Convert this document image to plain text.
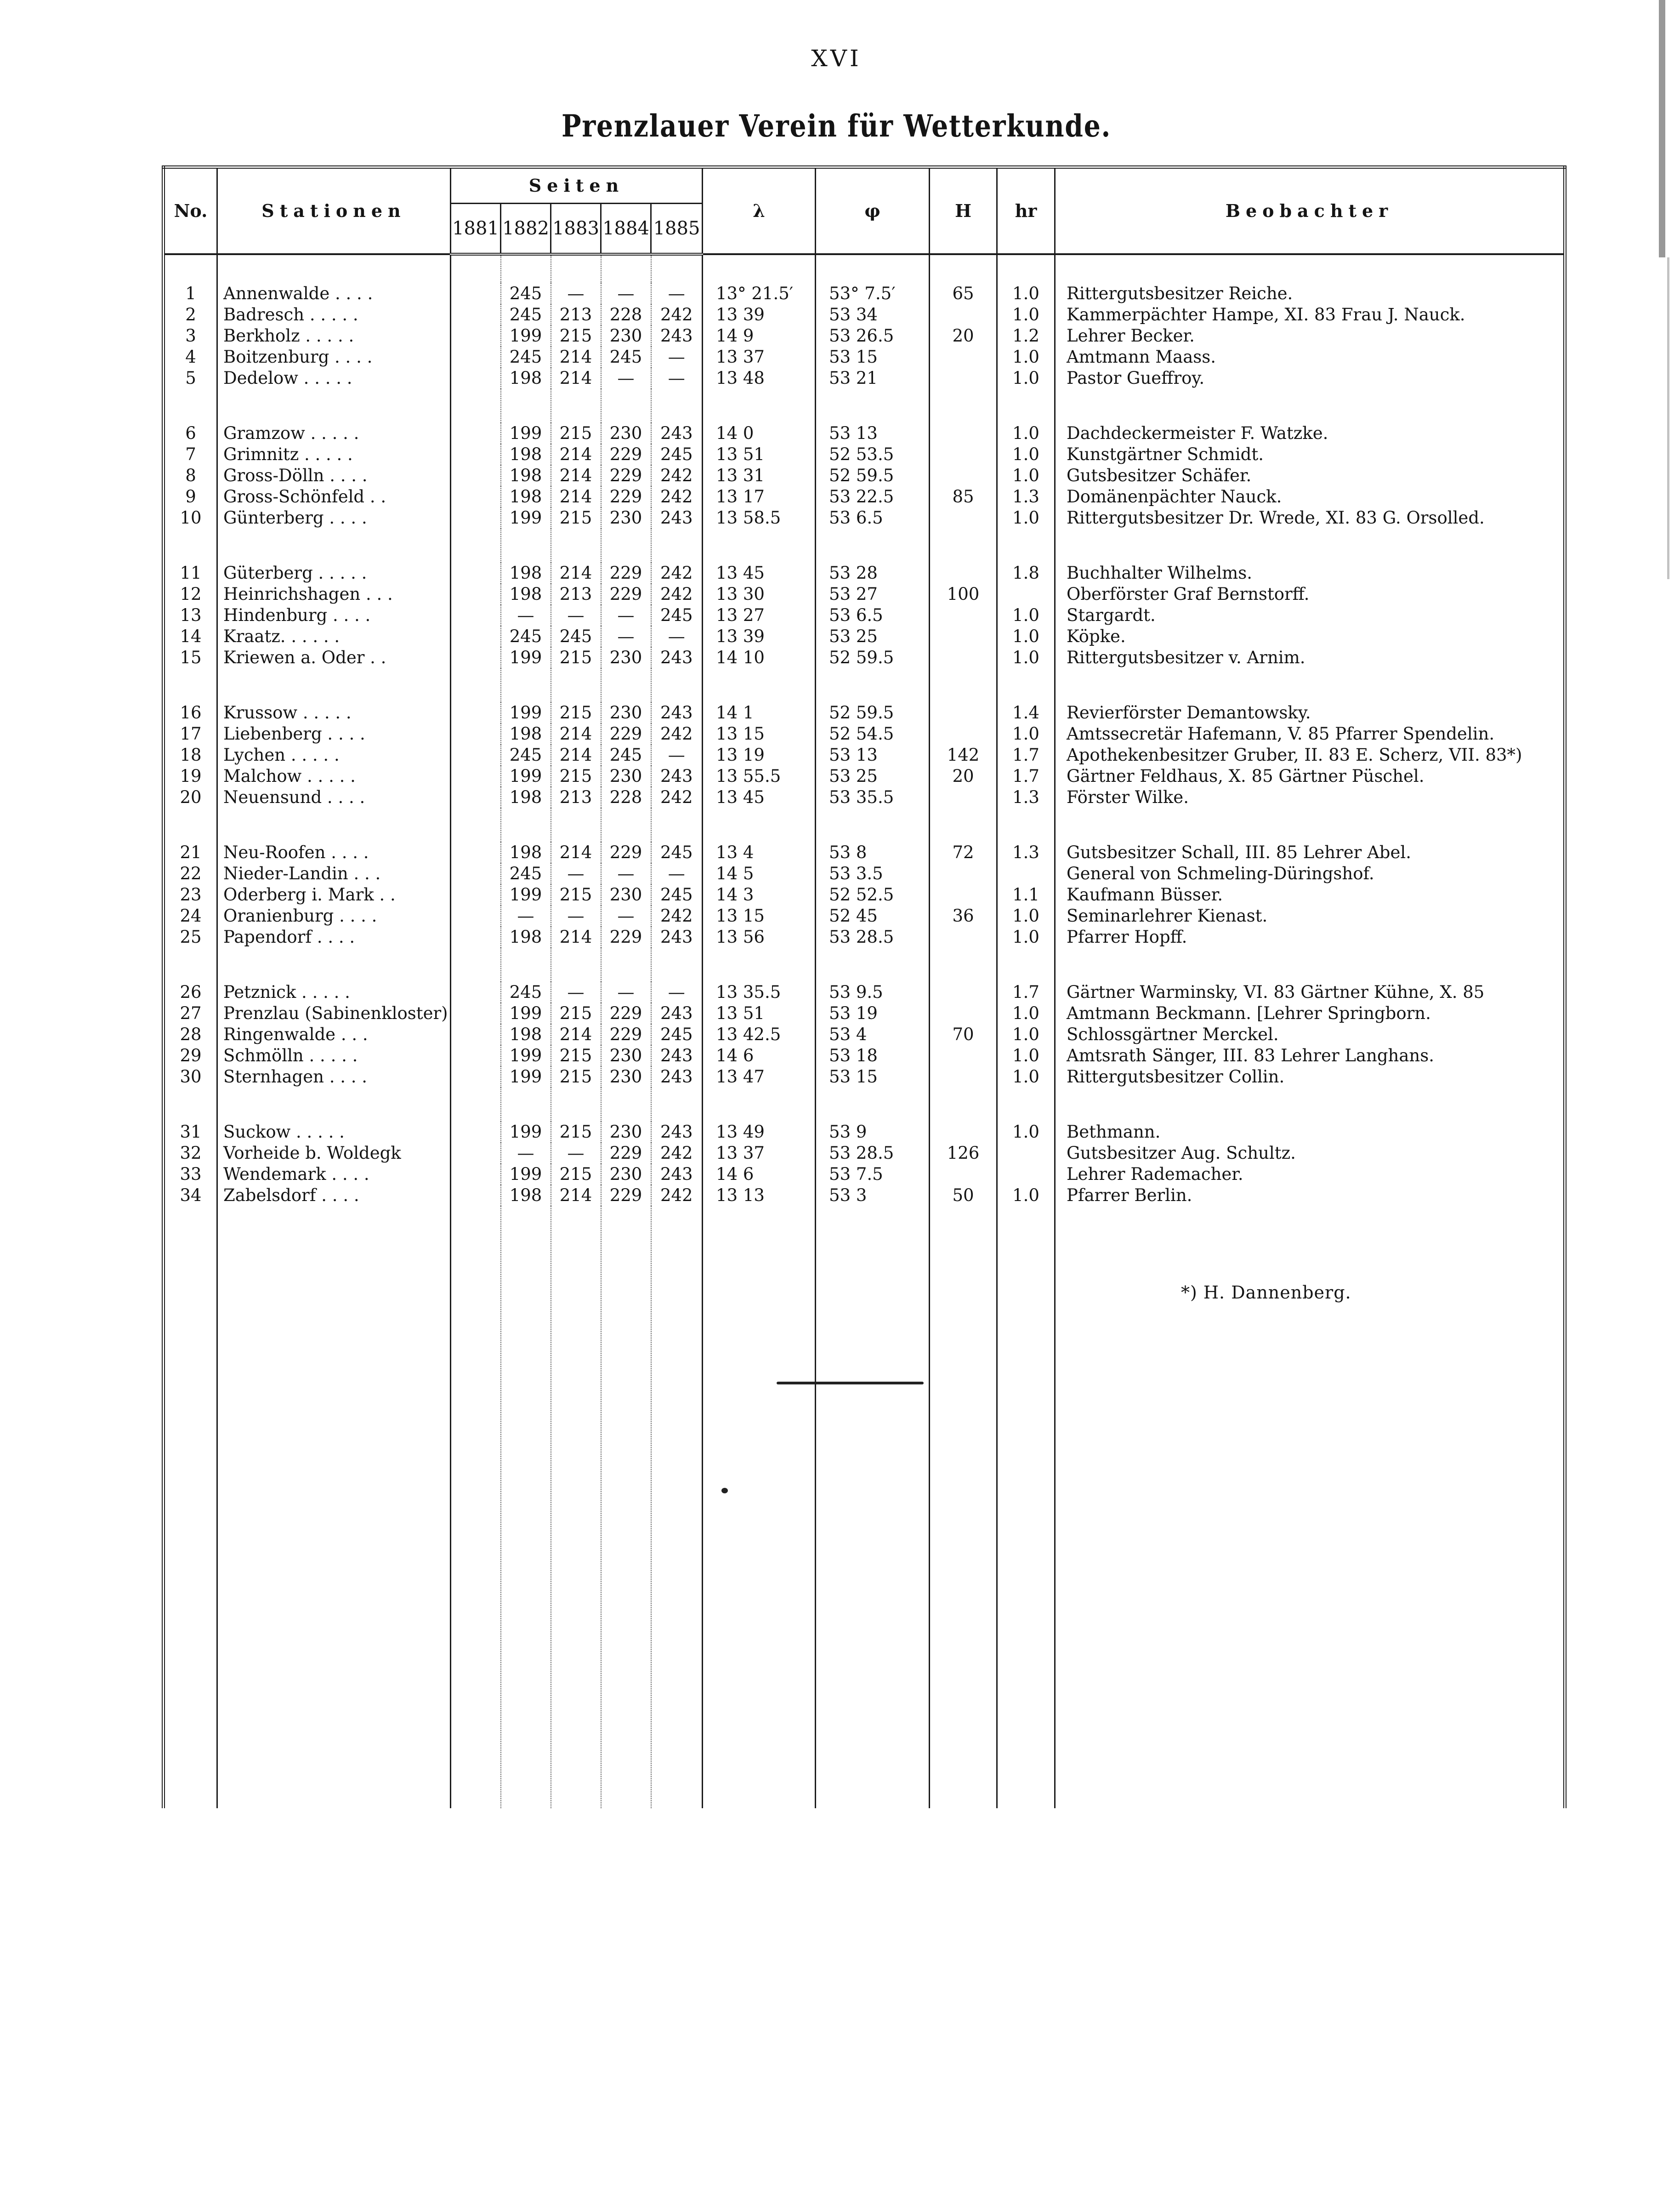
XVI
Prenzlauer Verein für Wetterkunde.
No.	Stationen	Seiten					λ	φ	H	hr	Beobachter
		1881	1882	1883	1884	1885					

1	Annenwalde . . . .		245	—	—	—	13° 21.5′	53° 7.5′	65	1.0	Rittergutsbesitzer Reiche.
2	Badresch . . . . .		245	213	228	242	13 39	53 34		1.0	Kammerpächter Hampe, XI. 83 Frau J. Nauck.
3	Berkholz . . . . .		199	215	230	243	14 9	53 26.5	20	1.2	Lehrer Becker.
4	Boitzenburg . . . .		245	214	245	—	13 37	53 15		1.0	Amtmann Maass.
5	Dedelow . . . . .		198	214	—	—	13 48	53 21		1.0	Pastor Gueffroy.

6	Gramzow . . . . .		199	215	230	243	14 0	53 13		1.0	Dachdeckermeister F. Watzke.
7	Grimnitz . . . . .		198	214	229	245	13 51	52 53.5		1.0	Kunstgärtner Schmidt.
8	Gross-Dölln . . . .		198	214	229	242	13 31	52 59.5		1.0	Gutsbesitzer Schäfer.
9	Gross-Schönfeld . .		198	214	229	242	13 17	53 22.5	85	1.3	Domänenpächter Nauck.
10	Günterberg . . . .		199	215	230	243	13 58.5	53 6.5		1.0	Rittergutsbesitzer Dr. Wrede, XI. 83 G. Orsolled.

11	Güterberg . . . . .		198	214	229	242	13 45	53 28		1.8	Buchhalter Wilhelms.
12	Heinrichshagen . . .		198	213	229	242	13 30	53 27	100		Oberförster Graf Bernstorff.
13	Hindenburg . . . .		—	—	—	245	13 27	53 6.5		1.0	Stargardt.
14	Kraatz. . . . . .		245	245	—	—	13 39	53 25		1.0	Köpke.
15	Kriewen a. Oder . .		199	215	230	243	14 10	52 59.5		1.0	Rittergutsbesitzer v. Arnim.

16	Krussow . . . . .		199	215	230	243	14 1	52 59.5		1.4	Revierförster Demantowsky.
17	Liebenberg . . . .		198	214	229	242	13 15	52 54.5		1.0	Amtssecretär Hafemann, V. 85 Pfarrer Spendelin.
18	Lychen . . . . .		245	214	245	—	13 19	53 13	142	1.7	Apothekenbesitzer Gruber, II. 83 E. Scherz, VII. 83*)
19	Malchow . . . . .		199	215	230	243	13 55.5	53 25	20	1.7	Gärtner Feldhaus, X. 85 Gärtner Püschel.
20	Neuensund . . . .		198	213	228	242	13 45	53 35.5		1.3	Förster Wilke.

21	Neu-Roofen . . . .		198	214	229	245	13 4	53 8	72	1.3	Gutsbesitzer Schall, III. 85 Lehrer Abel.
22	Nieder-Landin . . .		245	—	—	—	14 5	53 3.5			General von Schmeling-Düringshof.
23	Oderberg i. Mark . .		199	215	230	245	14 3	52 52.5		1.1	Kaufmann Büsser.
24	Oranienburg . . . .		—	—	—	242	13 15	52 45	36	1.0	Seminarlehrer Kienast.
25	Papendorf . . . .		198	214	229	243	13 56	53 28.5		1.0	Pfarrer Hopff.

26	Petznick . . . . .		245	—	—	—	13 35.5	53 9.5		1.7	Gärtner Warminsky, VI. 83 Gärtner Kühne, X. 85
27	Prenzlau (Sabinenkloster)		199	215	229	243	13 51	53 19		1.0	Amtmann Beckmann. [Lehrer Springborn.
28	Ringenwalde . . .		198	214	229	245	13 42.5	53 4	70	1.0	Schlossgärtner Merckel.
29	Schmölln . . . . .		199	215	230	243	14 6	53 18		1.0	Amtsrath Sänger, III. 83 Lehrer Langhans.
30	Sternhagen . . . .		199	215	230	243	13 47	53 15		1.0	Rittergutsbesitzer Collin.

31	Suckow . . . . .		199	215	230	243	13 49	53 9		1.0	Bethmann.
32	Vorheide b. Woldegk		—	—	229	242	13 37	53 28.5	126		Gutsbesitzer Aug. Schultz.
33	Wendemark . . . .		199	215	230	243	14 6	53 7.5			Lehrer Rademacher.
34	Zabelsdorf . . . .		198	214	229	242	13 13	53 3	50	1.0	Pfarrer Berlin.

*) H. Dannenberg.
